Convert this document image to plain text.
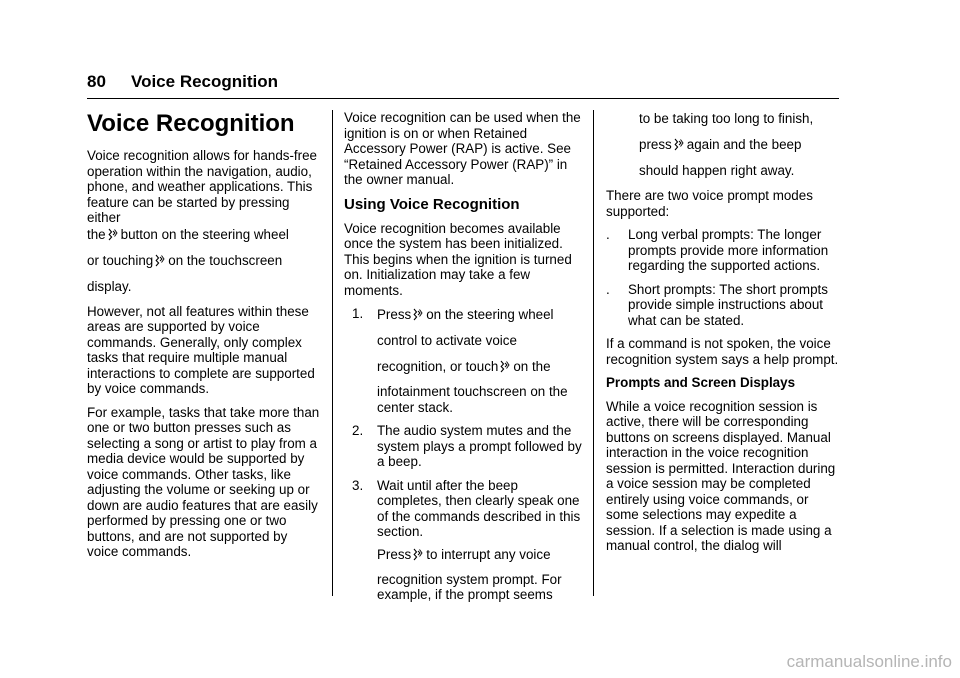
80 Voice Recognition
Voice Recognition

Voice recognition allows for hands-free operation within the navigation, audio, phone, and weather applications. This feature can be started by pressing either

the button on the steering wheel

or touching on the touchscreen

display.

However, not all features within these areas are supported by voice commands. Generally, only complex tasks that require multiple manual interactions to complete are supported by voice commands.

For example, tasks that take more than one or two button presses such as selecting a song or artist to play from a media device would be supported by voice commands. Other tasks, like adjusting the volume or seeking up or down are audio features that are easily performed by pressing one or two buttons, and are not supported by voice commands.

Voice recognition can be used when the ignition is on or when Retained Accessory Power (RAP) is active. See “Retained Accessory Power (RAP)” in the owner manual.

Using Voice Recognition

Voice recognition becomes available once the system has been initialized. This begins when the ignition is turned on. Initialization may take a few moments.

1. Press on the steering wheel

control to activate voice

recognition, or touch on the

infotainment touchscreen on the center stack.

2. The audio system mutes and the system plays a prompt followed by a beep.

3. Wait until after the beep completes, then clearly speak one of the commands described in this section.

Press to interrupt any voice

recognition system prompt. For example, if the prompt seems

to be taking too long to finish,

press again and the beep

should happen right away.

There are two voice prompt modes supported:

. Long verbal prompts: The longer prompts provide more information regarding the supported actions.

. Short prompts: The short prompts provide simple instructions about what can be stated.

If a command is not spoken, the voice recognition system says a help prompt.

Prompts and Screen Displays

While a voice recognition session is active, there will be corresponding buttons on screens displayed. Manual interaction in the voice recognition session is permitted. Interaction during a voice session may be completed entirely using voice commands, or some selections may expedite a session. If a selection is made using a manual control, the dialog will

carmanualsonline.info
